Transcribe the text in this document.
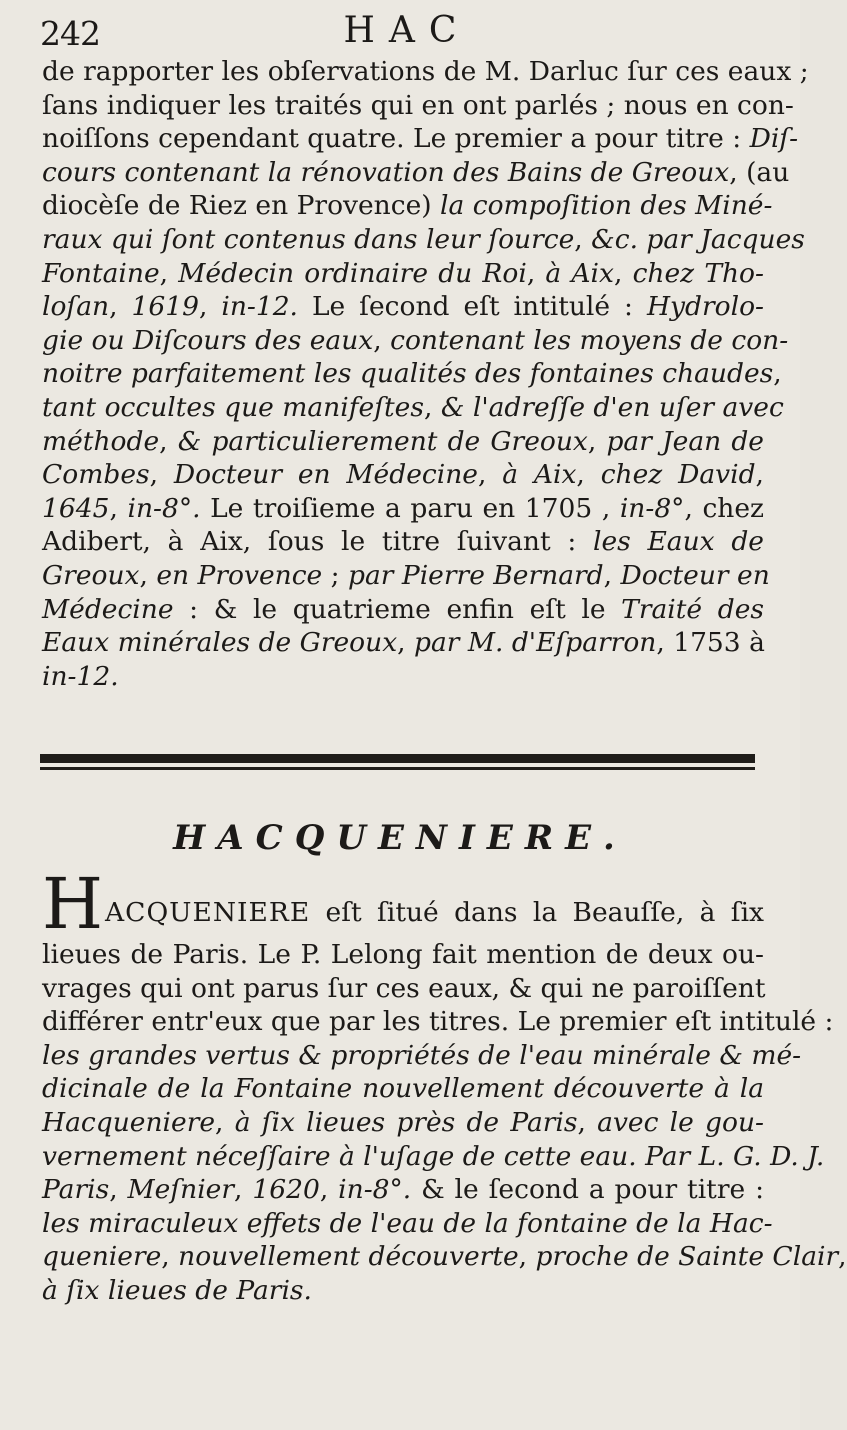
242	HAC
de rapporter les obſervations de M. Darluc ſur ces eaux ;
ſans indiquer les traités qui en ont parlés ; nous en con-
noiſſons cependant quatre. Le premier a pour titre : Diſ-
cours contenant la rénovation des Bains de Greoux, (au
diocèſe de Riez en Provence) la compoſition des Miné-
raux qui ſont contenus dans leur ſource, &c. par Jacques
Fontaine, Médecin ordinaire du Roi, à Aix, chez Tho-
loſan, 1619, in-12. Le ſecond eſt intitulé : Hydrolo-
gie ou Diſcours des eaux, contenant les moyens de con-
noitre parfaitement les qualités des fontaines chaudes,
tant occultes que manifeſtes, & l'adreſſe d'en uſer avec
méthode, & particulierement de Greoux, par Jean de
Combes, Docteur en Médecine, à Aix, chez David,
1645, in-8°. Le troiſieme a paru en 1705 , in-8°, chez
Adibert, à Aix, ſous le titre ſuivant : les Eaux de
Greoux, en Provence ; par Pierre Bernard, Docteur en
Médecine : & le quatrieme enfin eſt le Traité des
Eaux minérales de Greoux, par M. d'Eſparron, 1753 à
in-12.
HACQUENIERE.
H ACQUENIERE eſt ſitué dans la Beauſſe, à ſix
lieues de Paris. Le P. Lelong fait mention de deux ou-
vrages qui ont parus ſur ces eaux, & qui ne paroiſſent
différer entr'eux que par les titres. Le premier eſt intitulé :
les grandes vertus & propriétés de l'eau minérale & mé-
dicinale de la Fontaine nouvellement découverte à la
Hacqueniere, à ſix lieues près de Paris, avec le gou-
vernement néceſſaire à l'uſage de cette eau. Par L. G. D. J.
Paris, Meſnier, 1620, in-8°. & le ſecond a pour titre :
les miraculeux effets de l'eau de la fontaine de la Hac-
queniere, nouvellement découverte, proche de Sainte Clair,
à ſix lieues de Paris.
